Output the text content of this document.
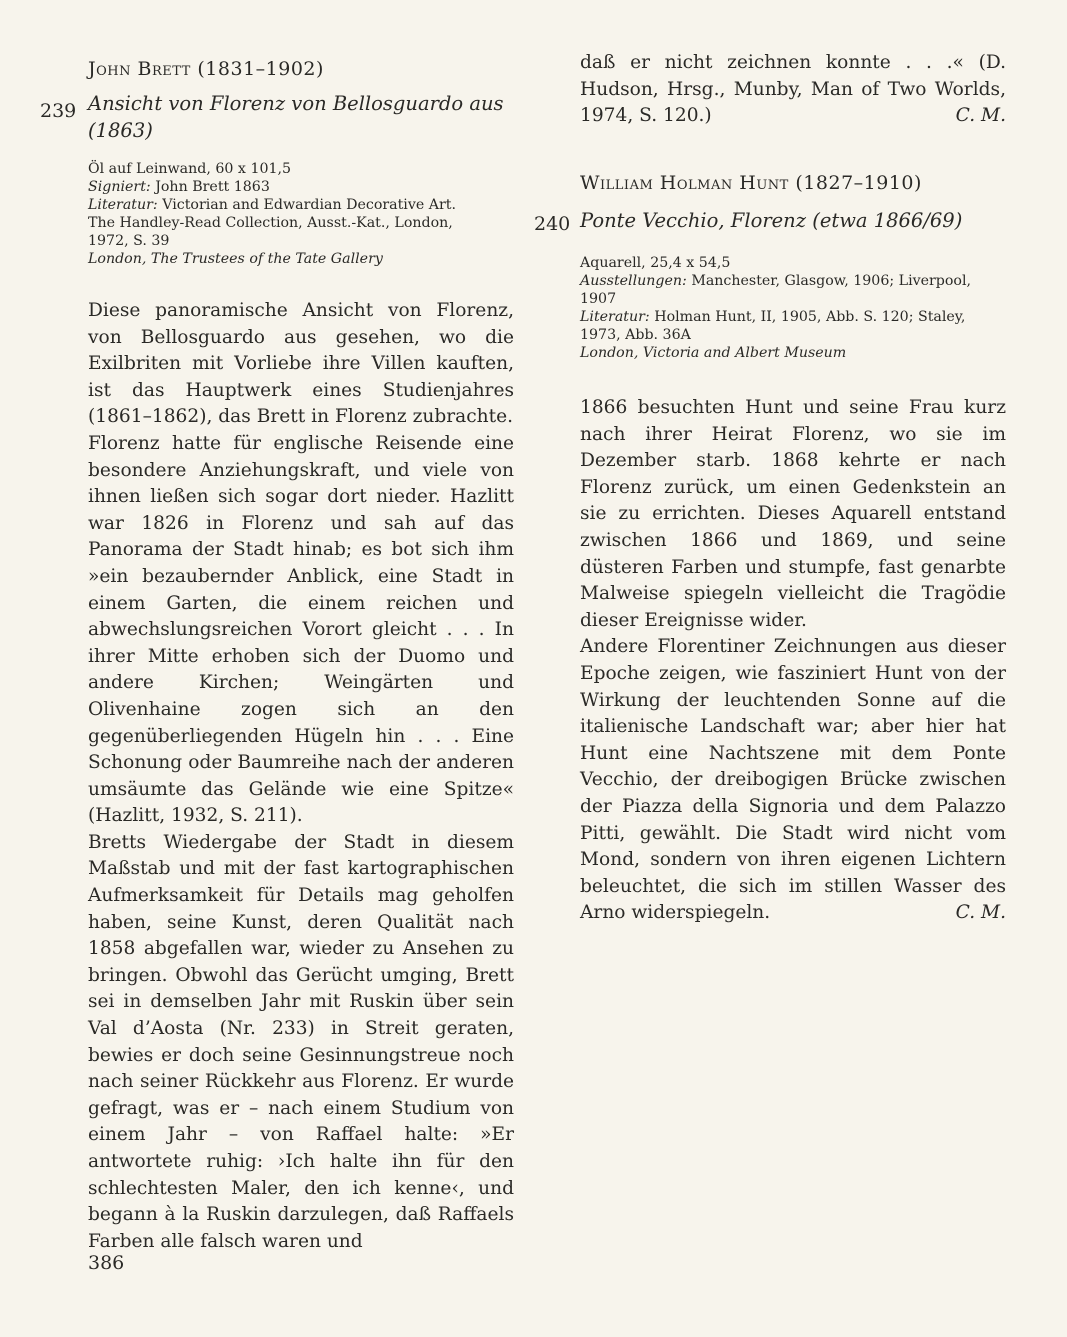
John Brett (1831–1902)
239 Ansicht von Florenz von Bellosguardo aus
(1863)
Öl auf Leinwand, 60 x 101,5
Signiert: John Brett 1863
Literatur: Victorian and Edwardian Decorative Art.
The Handley-Read Collection, Ausst.-Kat., London,
1972, S. 39
London, The Trustees of the Tate Gallery

Diese panoramische Ansicht von Florenz, von Bellosguardo aus gesehen, wo die Exilbriten mit Vorliebe ihre Villen kauften, ist das Hauptwerk eines Studienjahres (1861–1862), das Brett in Florenz zubrachte.

Florenz hatte für englische Reisende eine besondere Anziehungskraft, und viele von ihnen ließen sich sogar dort nieder. Hazlitt war 1826 in Florenz und sah auf das Panorama der Stadt hinab; es bot sich ihm »ein bezaubernder Anblick, eine Stadt in einem Garten, die einem reichen und abwechslungsreichen Vorort gleicht . . . In ihrer Mitte erhoben sich der Duomo und andere Kirchen; Weingärten und Olivenhaine zogen sich an den gegenüberliegenden Hügeln hin . . . Eine Schonung oder Baumreihe nach der anderen umsäumte das Gelände wie eine Spitze« (Hazlitt, 1932, S. 211).

Bretts Wiedergabe der Stadt in diesem Maßstab und mit der fast kartographischen Aufmerksamkeit für Details mag geholfen haben, seine Kunst, deren Qualität nach 1858 abgefallen war, wieder zu Ansehen zu bringen. Obwohl das Gerücht umging, Brett sei in demselben Jahr mit Ruskin über sein Val d’Aosta (Nr. 233) in Streit geraten, bewies er doch seine Gesinnungstreue noch nach seiner Rückkehr aus Florenz. Er wurde gefragt, was er – nach einem Studium von einem Jahr – von Raffael halte: »Er antwortete ruhig: ›Ich halte ihn für den schlechtesten Maler, den ich kenne‹, und begann à la Ruskin darzulegen, daß Raffaels Farben alle falsch waren und

daß er nicht zeichnen konnte . . .« (D. Hudson, Hrsg., Munby, Man of Two Worlds, 1974, S. 120.)	C. M.

William Holman Hunt (1827–1910)
240 Ponte Vecchio, Florenz (etwa 1866/69)
Aquarell, 25,4 x 54,5
Ausstellungen: Manchester, Glasgow, 1906; Liverpool,
1907
Literatur: Holman Hunt, II, 1905, Abb. S. 120; Staley,
1973, Abb. 36A
London, Victoria and Albert Museum

1866 besuchten Hunt und seine Frau kurz nach ihrer Heirat Florenz, wo sie im Dezember starb. 1868 kehrte er nach Florenz zurück, um einen Gedenkstein an sie zu errichten. Dieses Aquarell entstand zwischen 1866 und 1869, und seine düsteren Farben und stumpfe, fast genarbte Malweise spiegeln vielleicht die Tragödie dieser Ereignisse wider.

Andere Florentiner Zeichnungen aus dieser Epoche zeigen, wie fasziniert Hunt von der Wirkung der leuchtenden Sonne auf die italienische Landschaft war; aber hier hat Hunt eine Nachtszene mit dem Ponte Vecchio, der dreibogigen Brücke zwischen der Piazza della Signoria und dem Palazzo Pitti, gewählt. Die Stadt wird nicht vom Mond, sondern von ihren eigenen Lichtern beleuchtet, die sich im stillen Wasser des Arno widerspiegeln.	C. M.

386
